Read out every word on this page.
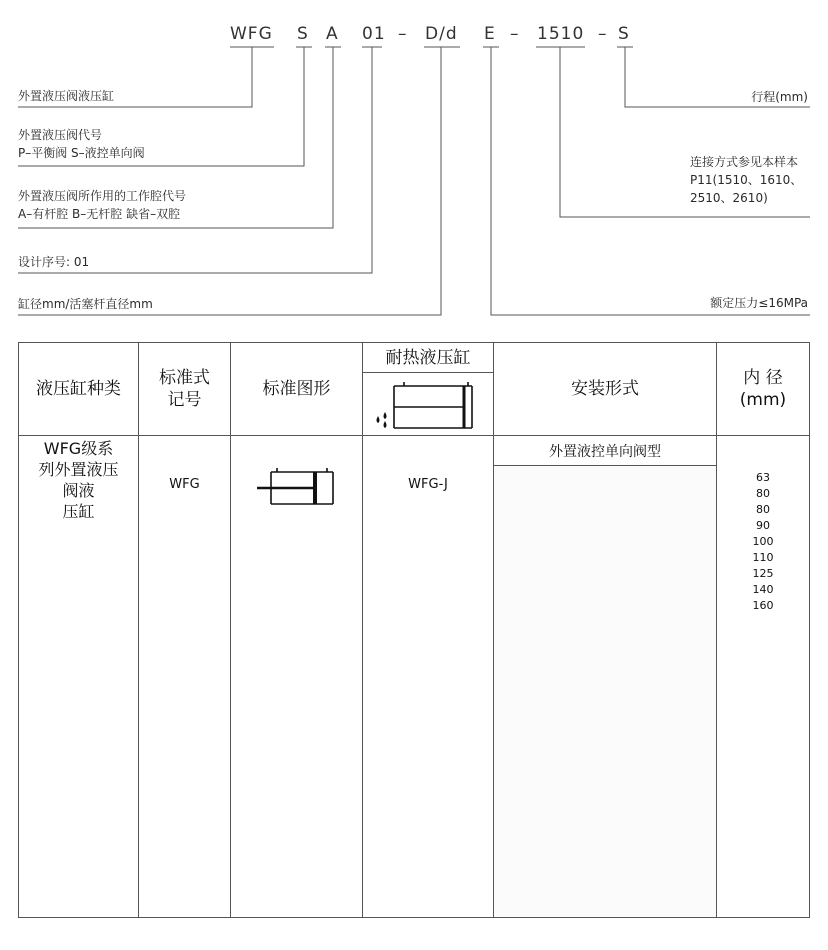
WFG S A 01 – D/d E – 1510 – S
外置液压阀液压缸
外置液压阀代号
P–平衡阀 S–液控单向阀
外置液压阀所作用的工作腔代号
A–有杆腔 B–无杆腔 缺省–双腔
设计序号: 01
缸径mm/活塞杆直径mm
行程(mm)
连接方式参见本样本
P11(1510、1610、
2510、2610)
额定压力≤16MPa
液压缸种类
标准式
记号
标准图形
耐热液压缸
安装形式
内 径
(mm)
WFG级系
列外置液压
阀液
压缸
WFG	WFG-J
外置液控单向阀型
63
80
80
90
100
110
125
140
160
